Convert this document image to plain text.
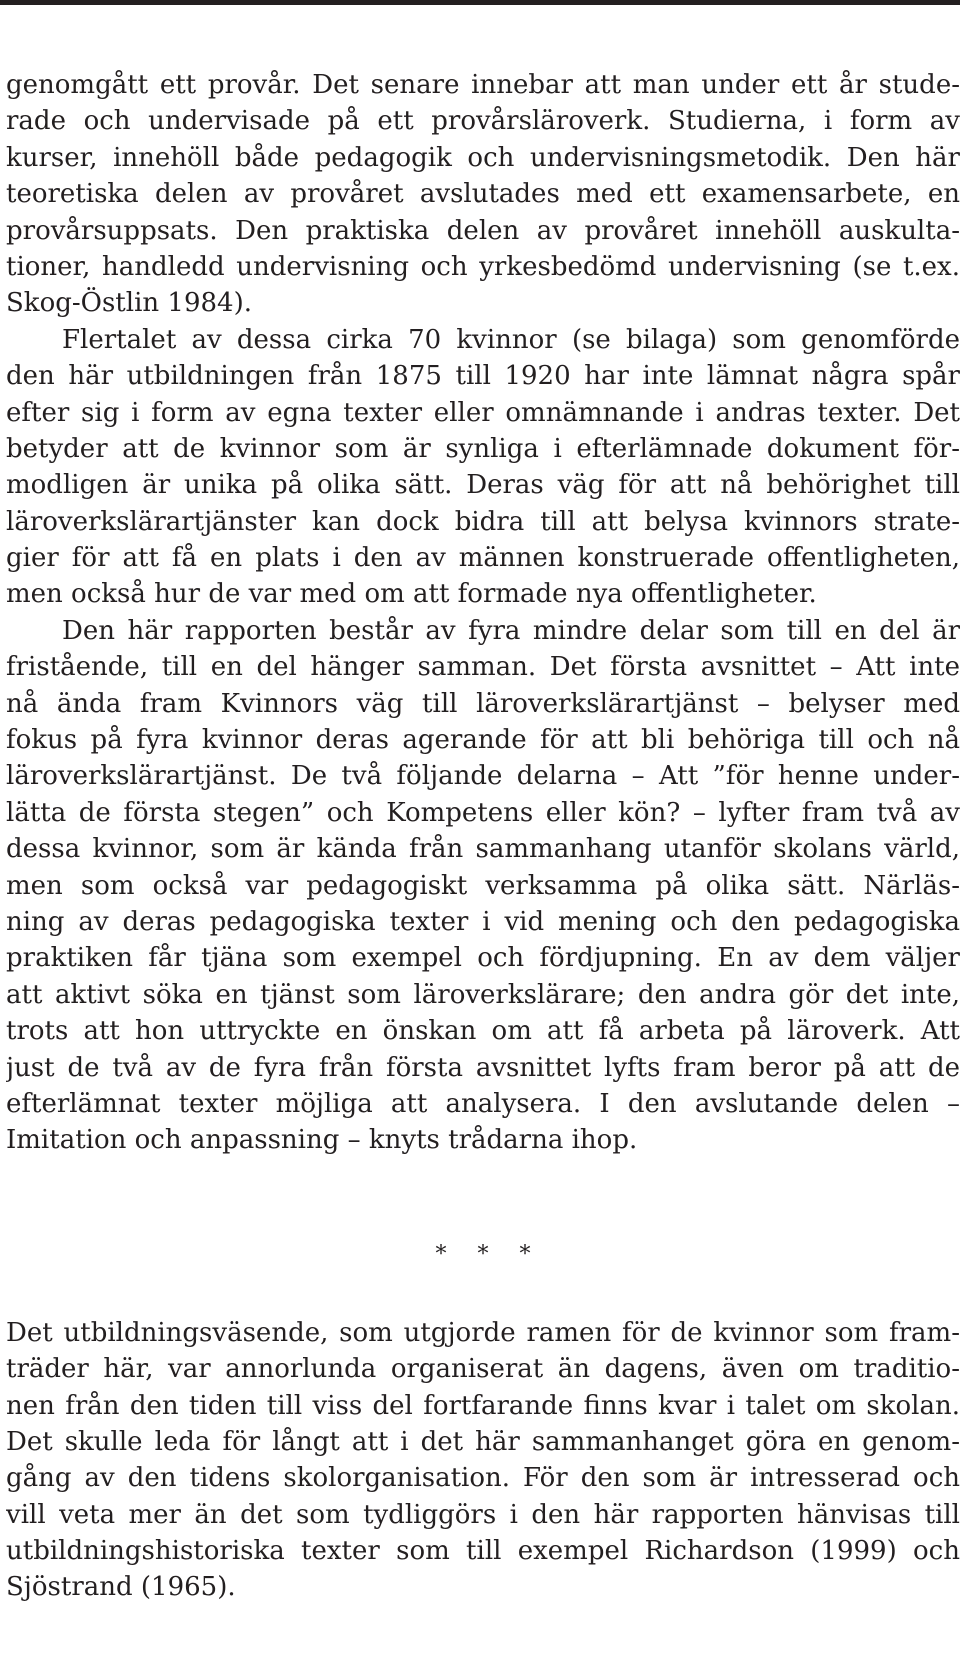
genomgått ett provår. Det senare innebar att man under ett år stude-
rade och undervisade på ett provårsläroverk. Studierna, i form av
kurser, innehöll både pedagogik och undervisningsmetodik. Den här
teoretiska delen av provåret avslutades med ett examensarbete, en
provårsuppsats. Den praktiska delen av provåret innehöll auskulta-
tioner, handledd undervisning och yrkesbedömd undervisning (se t.ex.
Skog-Östlin 1984).
Flertalet av dessa cirka 70 kvinnor (se bilaga) som genomförde
den här utbildningen från 1875 till 1920 har inte lämnat några spår
efter sig i form av egna texter eller omnämnande i andras texter. Det
betyder att de kvinnor som är synliga i efterlämnade dokument för-
modligen är unika på olika sätt. Deras väg för att nå behörighet till
läroverkslärartjänster kan dock bidra till att belysa kvinnors strate-
gier för att få en plats i den av männen konstruerade offentligheten,
men också hur de var med om att formade nya offentligheter.
Den här rapporten består av fyra mindre delar som till en del är
fristående, till en del hänger samman. Det första avsnittet – Att inte
nå ända fram Kvinnors väg till läroverkslärartjänst – belyser med
fokus på fyra kvinnor deras agerande för att bli behöriga till och nå
läroverkslärartjänst. De två följande delarna – Att ”för henne under-
lätta de första stegen” och Kompetens eller kön? – lyfter fram två av
dessa kvinnor, som är kända från sammanhang utanför skolans värld,
men som också var pedagogiskt verksamma på olika sätt. Närläs-
ning av deras pedagogiska texter i vid mening och den pedagogiska
praktiken får tjäna som exempel och fördjupning. En av dem väljer
att aktivt söka en tjänst som läroverkslärare; den andra gör det inte,
trots att hon uttryckte en önskan om att få arbeta på läroverk. Att
just de två av de fyra från första avsnittet lyfts fram beror på att de
efterlämnat texter möjliga att analysera. I den avslutande delen –
Imitation och anpassning – knyts trådarna ihop.
* * *
Det utbildningsväsende, som utgjorde ramen för de kvinnor som fram-
träder här, var annorlunda organiserat än dagens, även om traditio-
nen från den tiden till viss del fortfarande finns kvar i talet om skolan.
Det skulle leda för långt att i det här sammanhanget göra en genom-
gång av den tidens skolorganisation. För den som är intresserad och
vill veta mer än det som tydliggörs i den här rapporten hänvisas till
utbildningshistoriska texter som till exempel Richardson (1999) och
Sjöstrand (1965).
